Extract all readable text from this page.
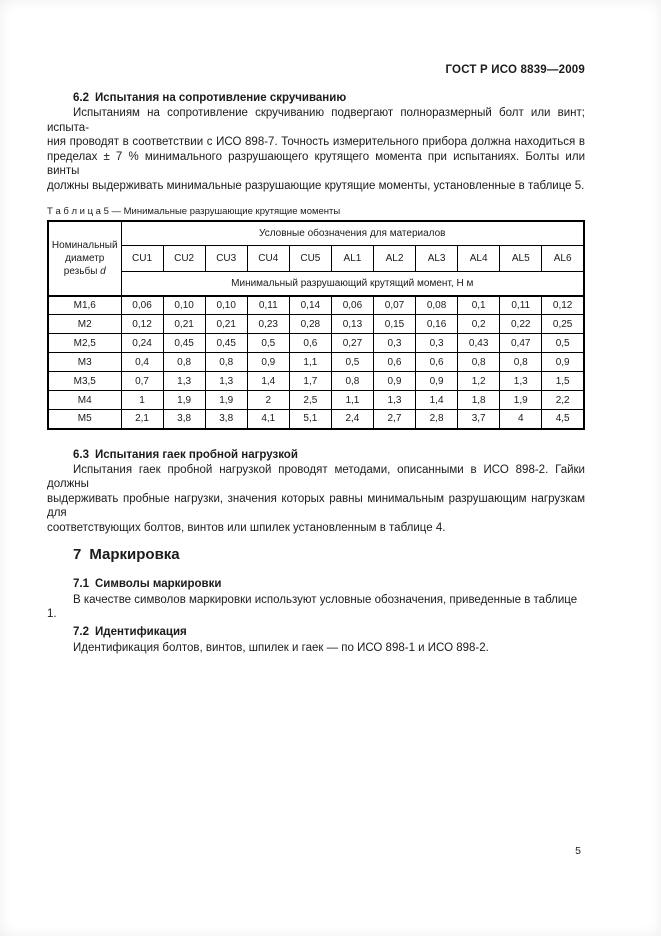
ГОСТ Р ИСО 8839—2009
6.2 Испытания на сопротивление скручиванию
Испытаниям на сопротивление скручиванию подвергают полноразмерный болт или винт; испыта-
ния проводят в соответствии с ИСО 898-7. Точность измерительного прибора должна находиться в
пределах ± 7 % минимального разрушающего крутящего момента при испытаниях. Болты или винты
должны выдерживать минимальные разрушающие крутящие моменты, установленные в таблице 5.
Т а б л и ц а 5 — Минимальные разрушающие крутящие моменты
Номинальный диаметр резьбы d	Условные обозначения для материалов										
	CU1	CU2	CU3	CU4	CU5	AL1	AL2	AL3	AL4	AL5	AL6
	Минимальный разрушающий крутящий момент, Н м										
M1,6	0,06	0,10	0,10	0,11	0,14	0,06	0,07	0,08	0,1	0,11	0,12
M2	0,12	0,21	0,21	0,23	0,28	0,13	0,15	0,16	0,2	0,22	0,25
M2,5	0,24	0,45	0,45	0,5	0,6	0,27	0,3	0,3	0,43	0,47	0,5
M3	0,4	0,8	0,8	0,9	1,1	0,5	0,6	0,6	0,8	0,8	0,9
M3,5	0,7	1,3	1,3	1,4	1,7	0,8	0,9	0,9	1,2	1,3	1,5
M4	1	1,9	1,9	2	2,5	1,1	1,3	1,4	1,8	1,9	2,2
M5	2,1	3,8	3,8	4,1	5,1	2,4	2,7	2,8	3,7	4	4,5
6.3 Испытания гаек пробной нагрузкой
Испытания гаек пробной нагрузкой проводят методами, описанными в ИСО 898-2. Гайки должны
выдерживать пробные нагрузки, значения которых равны минимальным разрушающим нагрузкам для
соответствующих болтов, винтов или шпилек установленным в таблице 4.
7 Маркировка
7.1 Символы маркировки
В качестве символов маркировки используют условные обозначения, приведенные в таблице 1.
7.2 Идентификация
Идентификация болтов, винтов, шпилек и гаек — по ИСО 898-1 и ИСО 898-2.
5
